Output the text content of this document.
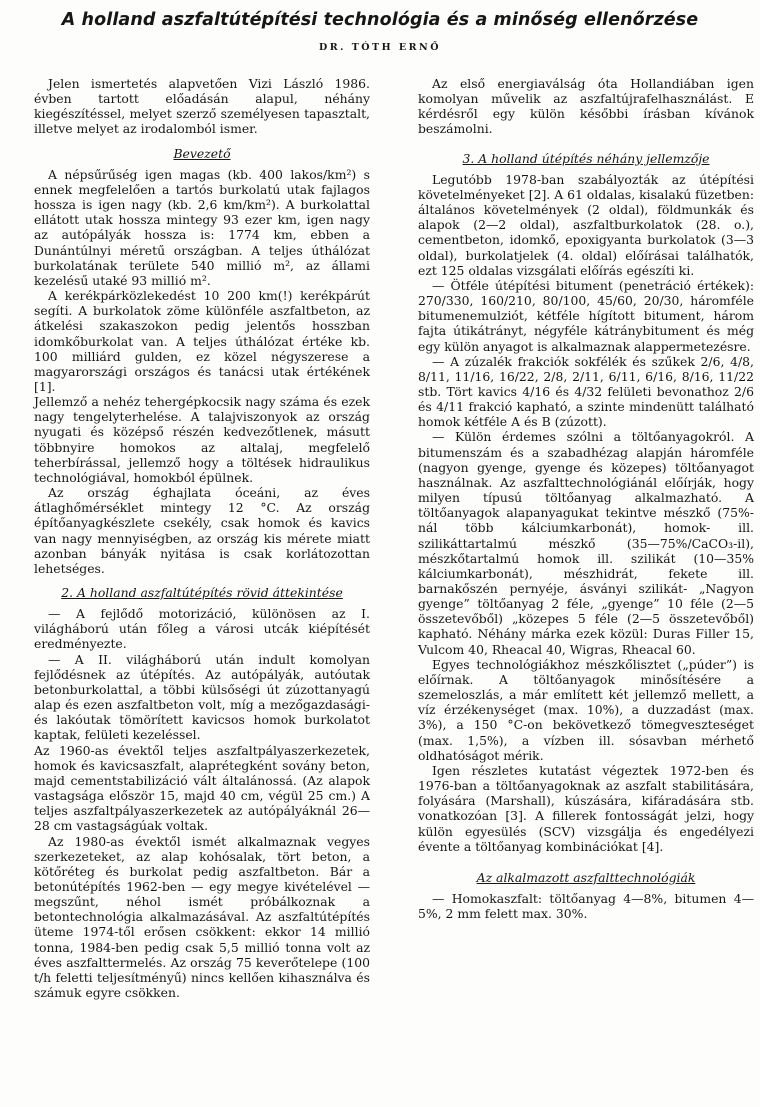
A holland aszfaltútépítési technológia és a minőség ellenőrzése
DR. TÓTH ERNŐ

Jelen ismertetés alapvetően Vizi László 1986. évben tartott előadásán alapul, néhány kiegészítéssel, melyet szerző személyesen tapasztalt, illetve melyet az irodalomból ismer.

Bevezető

A népsűrűség igen magas (kb. 400 lakos/km²) s ennek megfelelően a tartós burkolatú utak fajlagos hossza is igen nagy (kb. 2,6 km/km²). A burkolattal ellátott utak hossza mintegy 93 ezer km, igen nagy az autópályák hossza is: 1774 km, ebben a Dunántúlnyi méretű országban. A teljes úthálózat burkolatának területe 540 millió m², az állami kezelésű utaké 93 millió m².

A kerékpárközlekedést 10 200 km(!) kerékpárút segíti. A burkolatok zöme különféle aszfaltbeton, az átkelési szakaszokon pedig jelentős hosszban idomkőburkolat van. A teljes úthálózat értéke kb. 100 milliárd gulden, ez közel négyszerese a magyarországi országos és tanácsi utak értékének [1].

Jellemző a nehéz tehergépkocsik nagy száma és ezek nagy tengelyterhelése. A talajviszonyok az ország nyugati és középső részén kedvezőtlenek, másutt többnyire homokos az altalaj, megfelelő teherbírással, jellemző hogy a töltések hidraulikus technológiával, homokból épülnek.

Az ország éghajlata óceáni, az éves átlaghőmérséklet mintegy 12 °C. Az ország építőanyagkészlete csekély, csak homok és kavics van nagy mennyiségben, az ország kis mérete miatt azonban bányák nyitása is csak korlátozottan lehetséges.

2. A holland aszfaltútépítés rövid áttekintése

— A fejlődő motorizáció, különösen az I. világháború után főleg a városi utcák kiépítését eredményezte.

— A II. világháború után indult komolyan fejlődésnek az útépítés. Az autópályák, autóutak betonburkolattal, a többi külsőségi út zúzottanyagú alap és ezen aszfaltbeton volt, míg a mezőgazdasági- és lakóutak tömörített kavicsos homok burkolatot kaptak, felületi kezeléssel.

Az 1960-as évektől teljes aszfaltpályaszerkezetek, homok és kavicsaszfalt, alaprétegként sovány beton, majd cementstabilizáció vált általánossá. (Az alapok vastagsága először 15, majd 40 cm, végül 25 cm.) A teljes aszfaltpályaszerkezetek az autópályáknál 26—28 cm vastagságúak voltak.

Az 1980-as évektől ismét alkalmaznak vegyes szerkezeteket, az alap kohósalak, tört beton, a kötőréteg és burkolat pedig aszfaltbeton. Bár a betonútépítés 1962-ben — egy megye kivételével — megszűnt, néhol ismét próbálkoznak a betontechnológia alkalmazásával. Az aszfaltútépítés üteme 1974-től erősen csökkent: ekkor 14 millió tonna, 1984-ben pedig csak 5,5 millió tonna volt az éves aszfalttermelés. Az ország 75 keverőtelepe (100 t/h feletti teljesítményű) nincs kellően kihasználva és számuk egyre csökken.

Az első energiaválság óta Hollandiában igen komolyan művelik az aszfaltújrafelhasználást. E kérdésről egy külön későbbi írásban kívánok beszámolni.

3. A holland útépítés néhány jellemzője

Legutóbb 1978-ban szabályozták az útépítési követelményeket [2]. A 61 oldalas, kisalakú füzetben: általános követelmények (2 oldal), földmunkák és alapok (2—2 oldal), aszfaltburkolatok (28. o.), cementbeton, idomkő, epoxigyanta burkolatok (3—3 oldal), burkolatjelek (4. oldal) előírásai találhatók, ezt 125 oldalas vizsgálati előírás egészíti ki.

— Ötféle útépítési bitument (penetráció értékek): 270/330, 160/210, 80/100, 45/60, 20/30, háromféle bitumenemulziót, kétféle hígított bitument, három fajta útikátrányt, négyféle kátránybitument és még egy külön anyagot is alkalmaznak alappermetezésre.

— A zúzalék frakciók sokfélék és szűkek 2/6, 4/8, 8/11, 11/16, 16/22, 2/8, 2/11, 6/11, 6/16, 8/16, 11/22 stb. Tört kavics 4/16 és 4/32 felületi bevonathoz 2/6 és 4/11 frakció kapható, a szinte mindenütt található homok kétféle A és B (zúzott).

— Külön érdemes szólni a töltőanyagokról. A bitumenszám és a szabadhézag alapján háromféle (nagyon gyenge, gyenge és közepes) töltőanyagot használnak. Az aszfalttechnológiánál előírják, hogy milyen típusú töltőanyag alkalmazható. A töltőanyagok alapanyagukat tekintve mészkő (75%-nál több kálciumkarbonát), homok- ill. szilikáttartalmú mészkő (35—75%/CaCO₃-il), mészkőtartalmú homok ill. szilikát (10—35% kálciumkarbonát), mészhidrát, fekete ill. barnakőszén pernyéje, ásványi szilikát- „Nagyon gyenge” töltőanyag 2 féle, „gyenge” 10 féle (2—5 összetevőből) „közepes 5 féle (2—5 összetevőből) kapható. Néhány márka ezek közül: Duras Filler 15, Vulcom 40, Rheacal 40, Wigras, Rheacal 60.

Egyes technológiákhoz mészkőlisztet („púder”) is előírnak. A töltőanyagok minősítésére a szemeloszlás, a már említett két jellemző mellett, a víz érzékenységet (max. 10%), a duzzadást (max. 3%), a 150 °C-on bekövetkező tömegveszteséget (max. 1,5%), a vízben ill. sósavban mérhető oldhatóságot mérik.

Igen részletes kutatást végeztek 1972-ben és 1976-ban a töltőanyagoknak az aszfalt stabilitására, folyására (Marshall), kúszására, kifáradására stb. vonatkozóan [3]. A fillerek fontosságát jelzi, hogy külön egyesülés (SCV) vizsgálja és engedélyezi évente a töltőanyag kombinációkat [4].

Az alkalmazott aszfalttechnológiák

— Homokaszfalt: töltőanyag 4—8%, bitumen 4—5%, 2 mm felett max. 30%.
